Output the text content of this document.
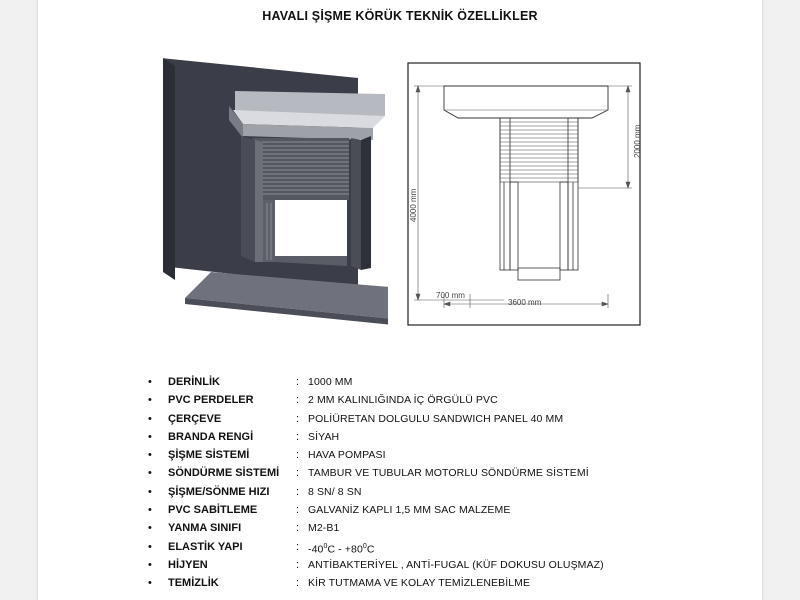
HAVALI ŞİŞME KÖRÜK TEKNİK ÖZELLİKLER
4000 mm
2000 mm
700 mm
3600 mm
• DERİNLİK	: 1000 MM
• PVC PERDELER	: 2 MM KALINLIĞINDA İÇ ÖRGÜLÜ PVC
• ÇERÇEVE	: POLİÜRETAN DOLGULU SANDWICH PANEL 40 MM
• BRANDA RENGİ	: SİYAH
• ŞİŞME SİSTEMİ	: HAVA POMPASI
• SÖNDÜRME SİSTEMİ : TAMBUR VE TUBULAR MOTORLU SÖNDÜRME SİSTEMİ
• ŞİŞME/SÖNME HIZI : 8 SN/ 8 SN
• PVC SABİTLEME	: GALVANİZ KAPLI 1,5 MM SAC MALZEME
• YANMA SINIFI	: M2-B1
• ELASTİK YAPI	: $-40^0C - +80^0C$
• HİJYEN	: ANTİBAKTERİYEL , ANTİ-FUGAL (KÜF DOKUSU OLUŞMAZ)
• TEMİZLİK	: KİR TUTMAMA VE KOLAY TEMİZLENEBİLME
